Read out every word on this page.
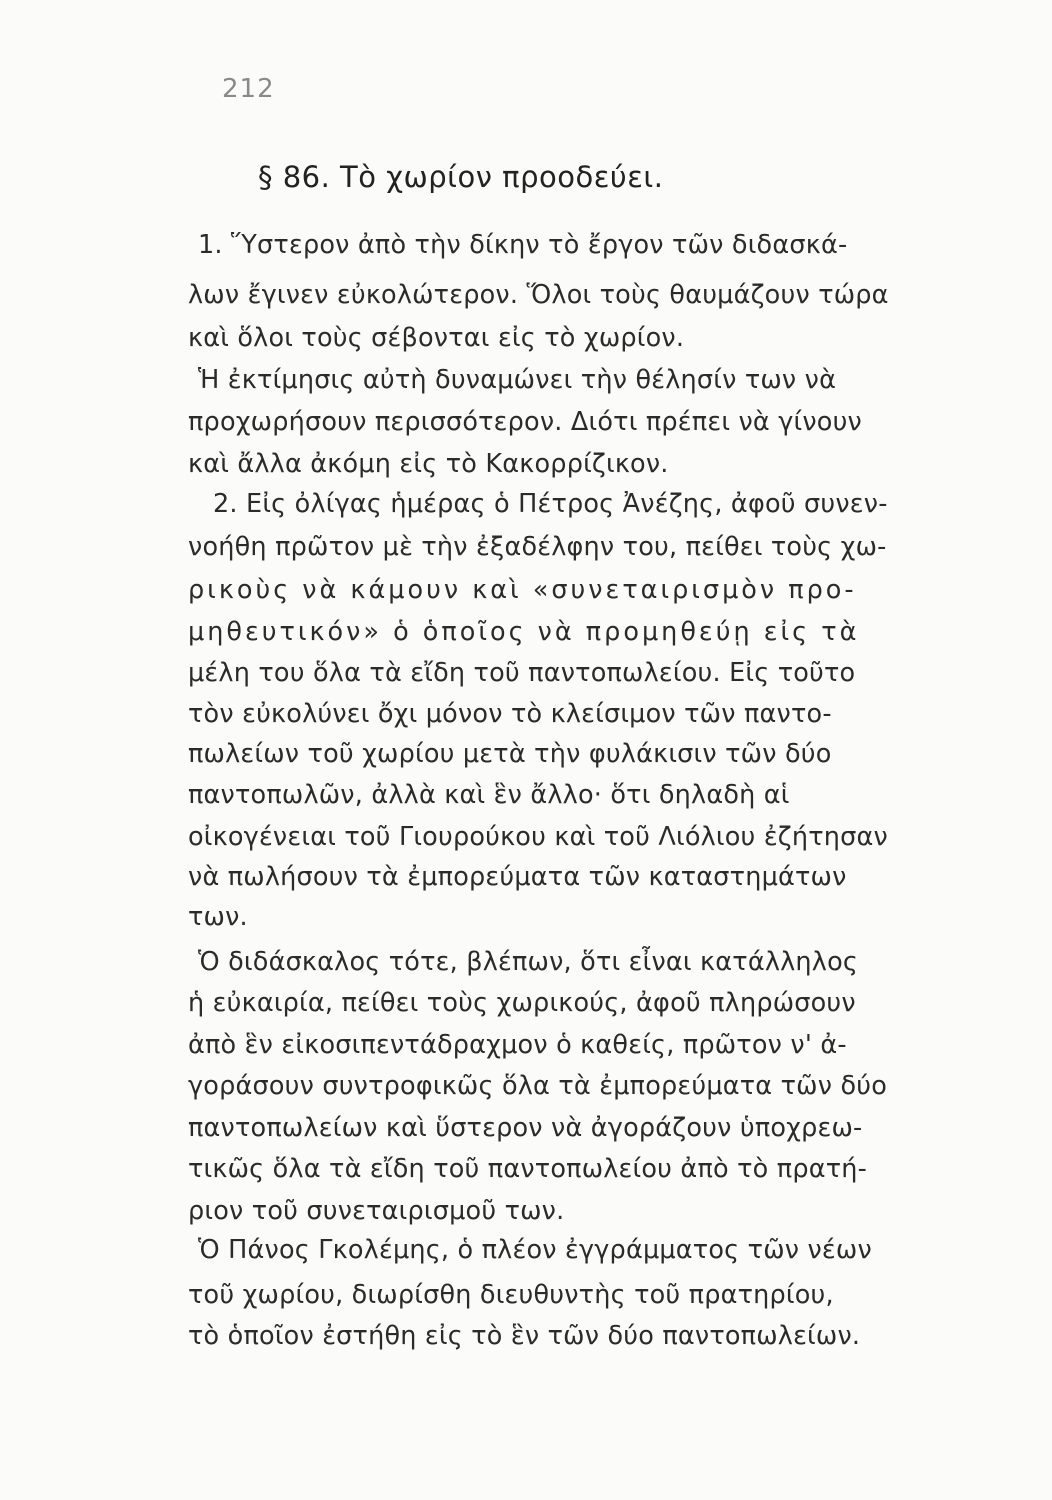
212
§ 86. Τὸ χωρίον προοδεύει.
1. Ὕστερον ἀπὸ τὴν δίκην τὸ ἔργον τῶν διδασκά-
λων ἔγινεν εὐκολώτερον. Ὅλοι τοὺς θαυμάζουν τώρα
καὶ ὅλοι τοὺς σέβονται εἰς τὸ χωρίον.
Ἡ ἐκτίμησις αὐτὴ δυναμώνει τὴν θέλησίν των νὰ
προχωρήσουν περισσότερον. Διότι πρέπει νὰ γίνουν
καὶ ἄλλα ἀκόμη εἰς τὸ Κακορρίζικον.
2. Εἰς ὀλίγας ἡμέρας ὁ Πέτρος Ἀνέζης, ἀφοῦ συνεν-
νοήθη πρῶτον μὲ τὴν ἐξαδέλφην του, πείθει τοὺς χω-
ρικοὺς νὰ κάμουν καὶ «συνεταιρισμὸν προ-
μηθευτικόν» ὁ ὁποῖος νὰ προμηθεύῃ εἰς τὰ
μέλη του ὅλα τὰ εἴδη τοῦ παντοπωλείου. Εἰς τοῦτο
τὸν εὐκολύνει ὄχι μόνον τὸ κλείσιμον τῶν παντο-
πωλείων τοῦ χωρίου μετὰ τὴν φυλάκισιν τῶν δύο
παντοπωλῶν, ἀλλὰ καὶ ἓν ἄλλο· ὅτι δηλαδὴ αἱ
οἰκογένειαι τοῦ Γιουρούκου καὶ τοῦ Λιόλιου ἐζήτησαν
νὰ πωλήσουν τὰ ἐμπορεύματα τῶν καταστημάτων
των.
Ὁ διδάσκαλος τότε, βλέπων, ὅτι εἶναι κατάλληλος
ἡ εὐκαιρία, πείθει τοὺς χωρικούς, ἀφοῦ πληρώσουν
ἀπὸ ἓν εἰκοσιπεντάδραχμον ὁ καθείς, πρῶτον ν' ἀ-
γοράσουν συντροφικῶς ὅλα τὰ ἐμπορεύματα τῶν δύο
παντοπωλείων καὶ ὕστερον νὰ ἀγοράζουν ὑποχρεω-
τικῶς ὅλα τὰ εἴδη τοῦ παντοπωλείου ἀπὸ τὸ πρατή-
ριον τοῦ συνεταιρισμοῦ των.
Ὁ Πάνος Γκολέμης, ὁ πλέον ἐγγράμματος τῶν νέων
τοῦ χωρίου, διωρίσθη διευθυντὴς τοῦ πρατηρίου,
τὸ ὁποῖον ἐστήθη εἰς τὸ ἓν τῶν δύο παντοπωλείων.
